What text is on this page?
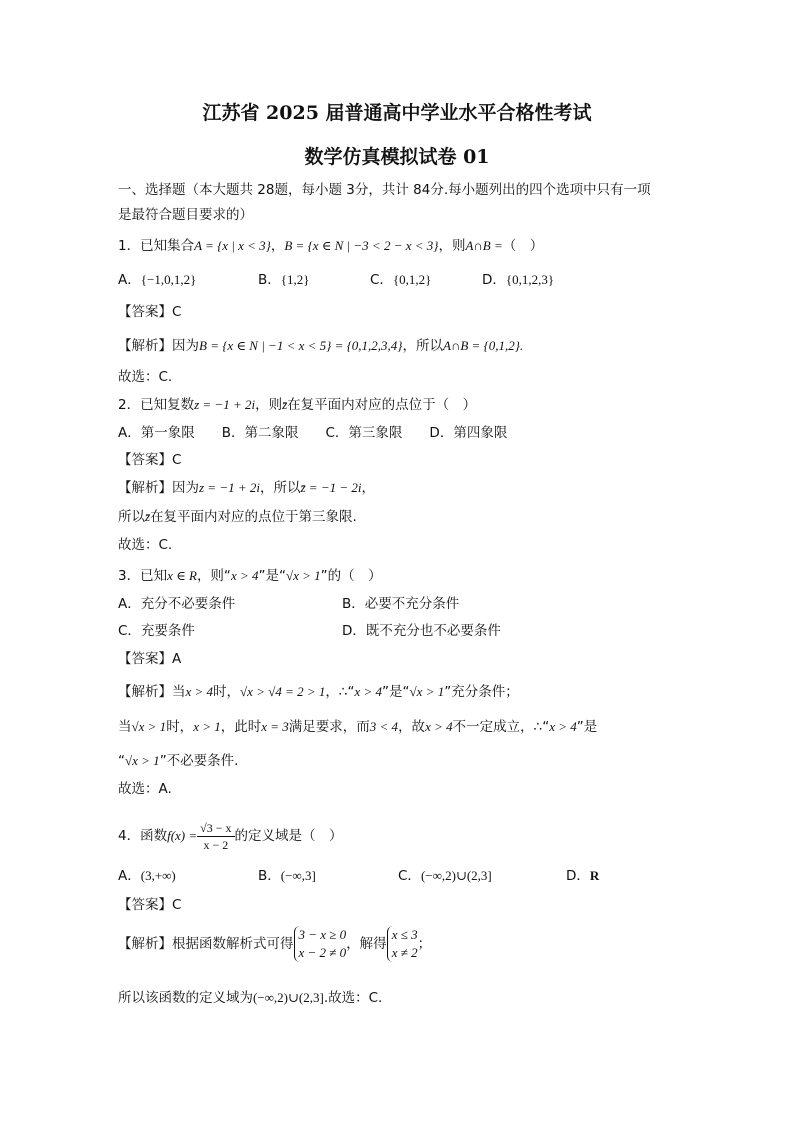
江苏省 2025 届普通高中学业水平合格性考试
数学仿真模拟试卷 01
一、选择题（本大题共 28题，每小题 3分，共计 84分.每小题列出的四个选项中只有一项
是最符合题目要求的）
1．已知集合A = {x | x < 3}，B = {x ∈ N | −3 < 2 − x < 3}，则A∩B =（　）
A．{−1,0,1,2}	B．{1,2}	C．{0,1,2}	D．{0,1,2,3}
【答案】C
【解析】因为B = {x ∈ N | −1 < x < 5} = {0,1,2,3,4}，所以A∩B = {0,1,2}.
故选：C.
2．已知复数z = −1 + 2i，则z̄在复平面内对应的点位于（　）
A．第一象限　　B．第二象限　　C．第三象限　　D．第四象限
【答案】C
【解析】因为z = −1 + 2i，所以z̄ = −1 − 2i，
所以z̄在复平面内对应的点位于第三象限.
故选：C.
3．已知x ∈ R，则“x > 4”是“√x > 1”的（　）
A．充分不必要条件	B．必要不充分条件
C．充要条件	D．既不充分也不必要条件
【答案】A
【解析】当x > 4时，√x > √4 = 2 > 1，∴“x > 4”是“√x > 1”充分条件；
当√x > 1时，x > 1，此时x = 3满足要求，而3 < 4，故x > 4不一定成立，∴“x > 4”是
“√x > 1”不必要条件.
故选：A.
4．函数$f(x) = \frac{√3 - x}{x - 2}$ 的定义域是（　）
A．(3,+∞)	B．(−∞,3]	C．(−∞,2)∪(2,3]	D．R
【答案】C
【解析】根据函数解析式可得
3 − x ≥ 0
x − 2 ≠ 0
，解得
x ≤ 3
x ≠ 2
；
所以该函数的定义域为(−∞,2)∪(2,3].故选：C.
